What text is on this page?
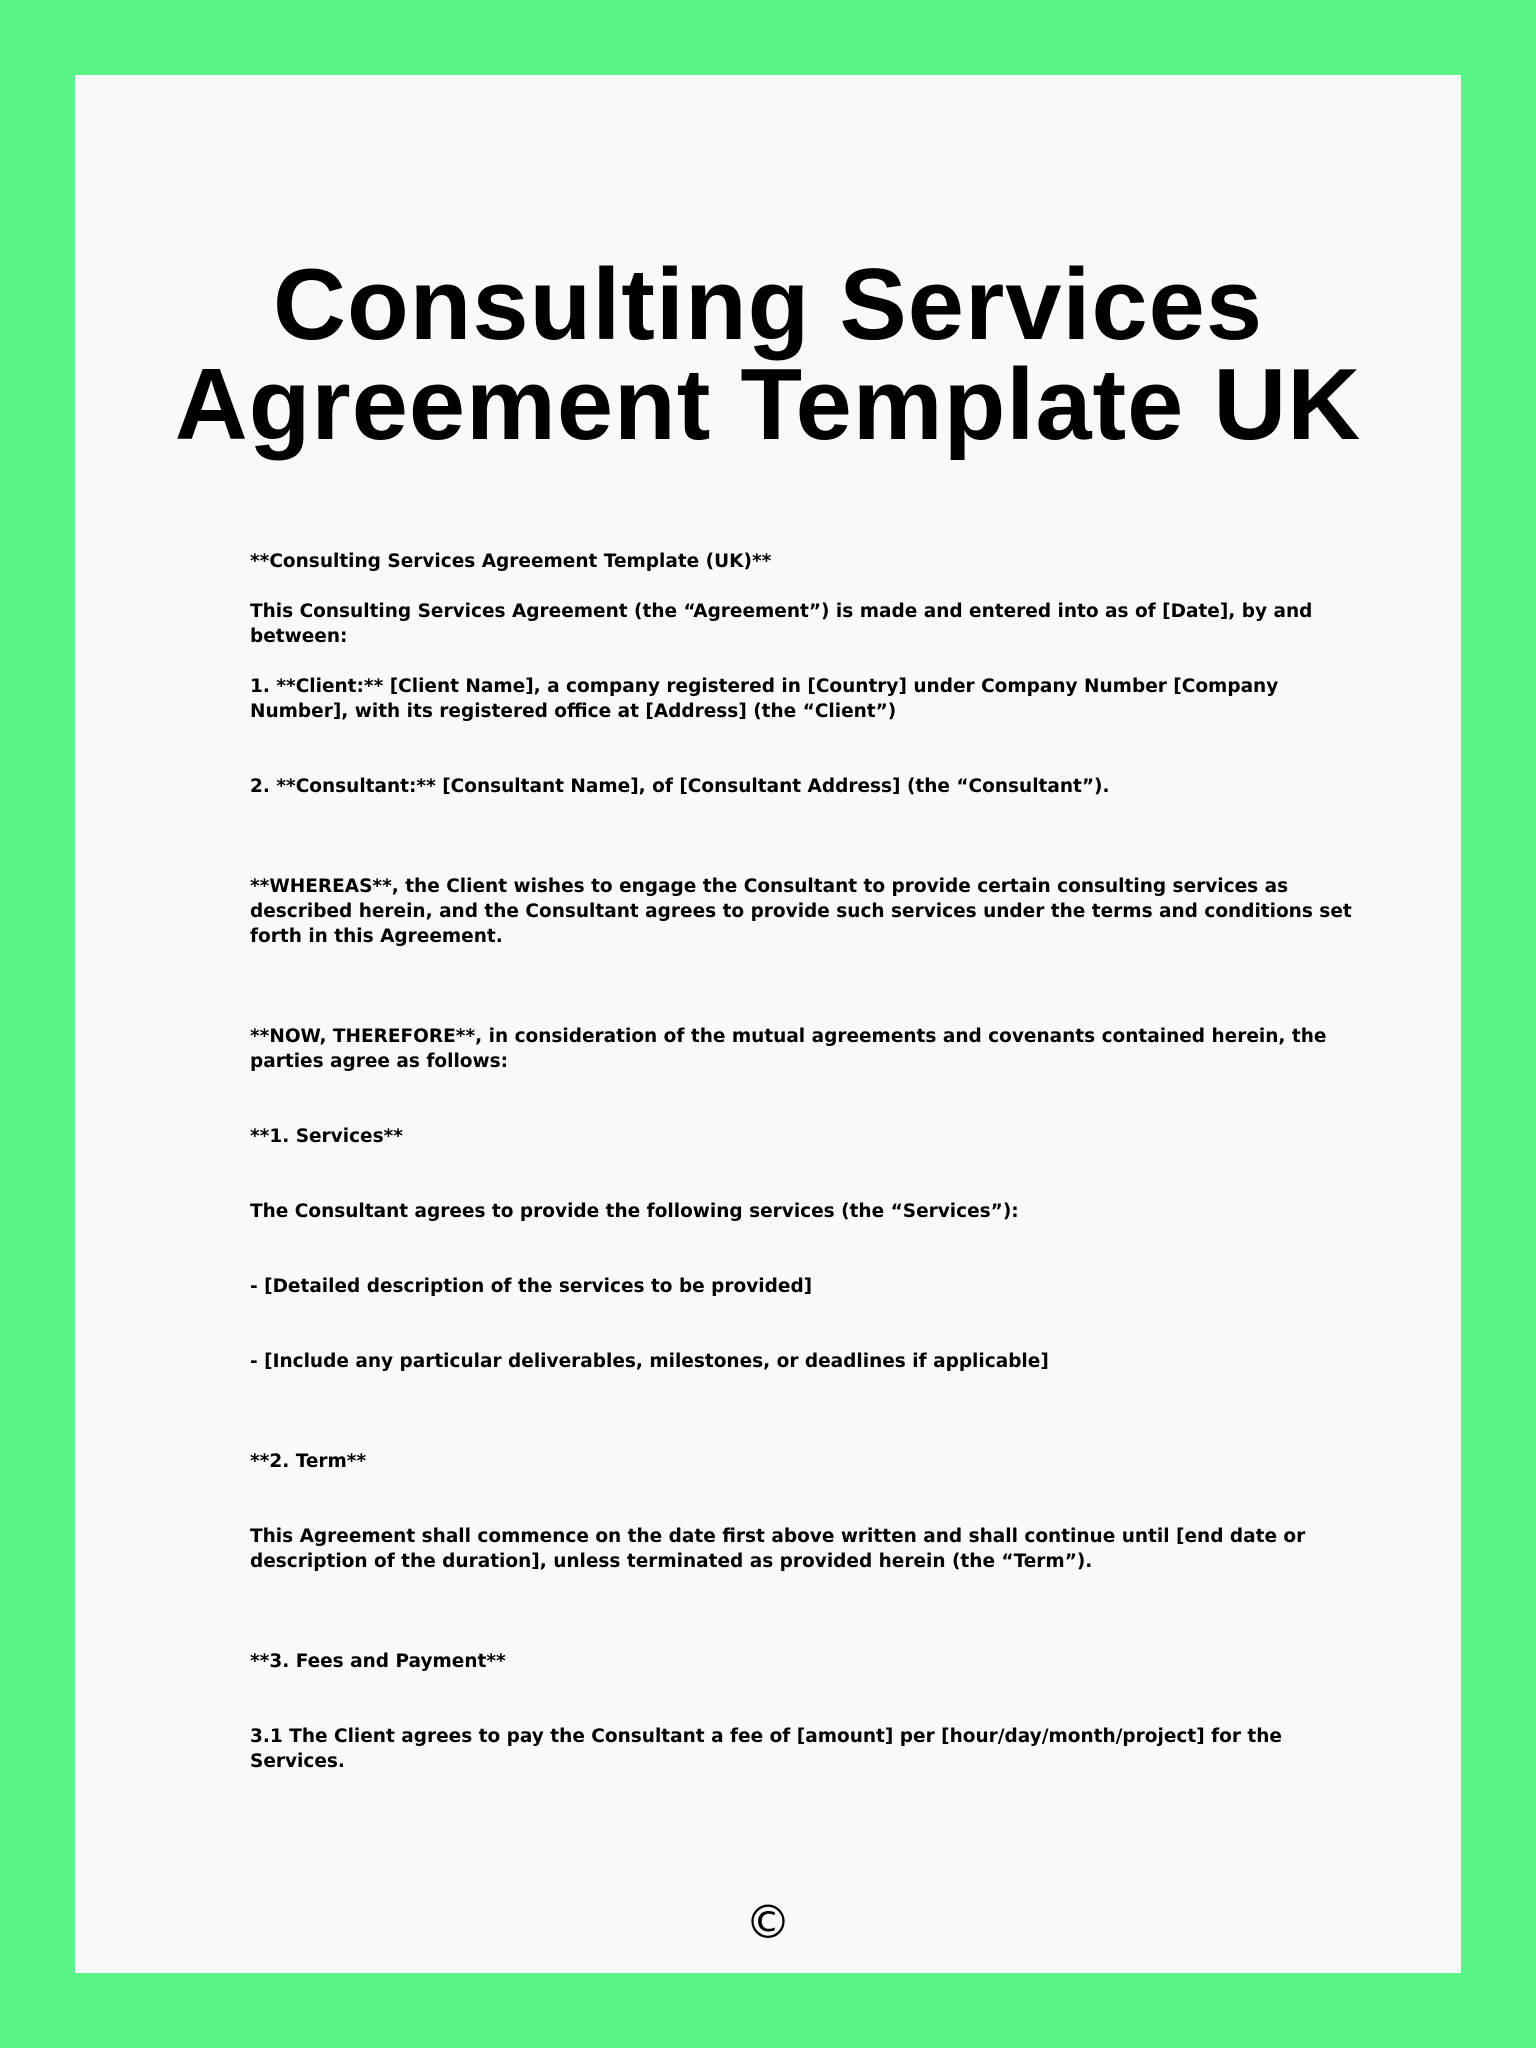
Consulting Services
Agreement Template UK

**Consulting Services Agreement Template (UK)**

This Consulting Services Agreement (the “Agreement”) is made and entered into as of [Date], by and between:

1. **Client:** [Client Name], a company registered in [Country] under Company Number [Company Number], with its registered office at [Address] (the “Client”)

2. **Consultant:** [Consultant Name], of [Consultant Address] (the “Consultant”).

**WHEREAS**, the Client wishes to engage the Consultant to provide certain consulting services as described herein, and the Consultant agrees to provide such services under the terms and conditions set forth in this Agreement.

**NOW, THEREFORE**, in consideration of the mutual agreements and covenants contained herein, the parties agree as follows:

**1. Services**

The Consultant agrees to provide the following services (the “Services”):

- [Detailed description of the services to be provided]

- [Include any particular deliverables, milestones, or deadlines if applicable]

**2. Term**

This Agreement shall commence on the date first above written and shall continue until [end date or description of the duration], unless terminated as provided herein (the “Term”).

**3. Fees and Payment**

3.1 The Client agrees to pay the Consultant a fee of [amount] per [hour/day/month/project] for the Services.

©
